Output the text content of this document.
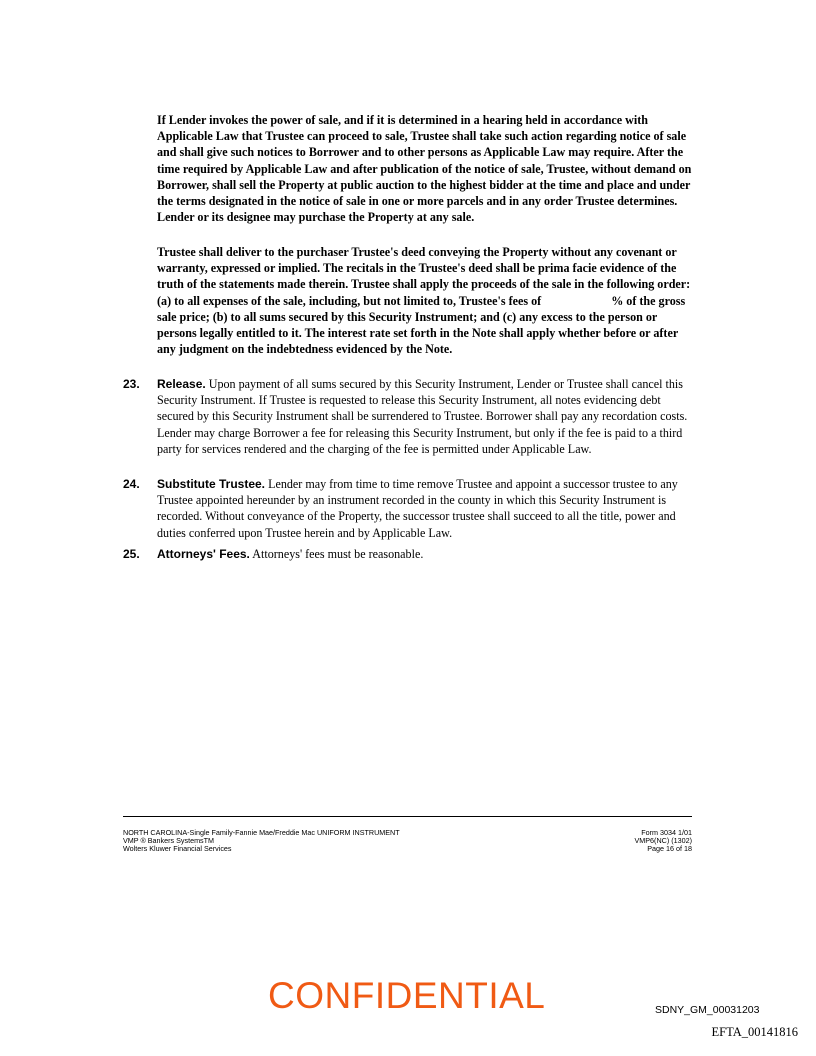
If Lender invokes the power of sale, and if it is determined in a hearing held in accordance with Applicable Law that Trustee can proceed to sale, Trustee shall take such action regarding notice of sale and shall give such notices to Borrower and to other persons as Applicable Law may require. After the time required by Applicable Law and after publication of the notice of sale, Trustee, without demand on Borrower, shall sell the Property at public auction to the highest bidder at the time and place and under the terms designated in the notice of sale in one or more parcels and in any order Trustee determines. Lender or its designee may purchase the Property at any sale.
Trustee shall deliver to the purchaser Trustee's deed conveying the Property without any covenant or warranty, expressed or implied. The recitals in the Trustee's deed shall be prima facie evidence of the truth of the statements made therein. Trustee shall apply the proceeds of the sale in the following order: (a) to all expenses of the sale, including, but not limited to, Trustee's fees of	% of the gross sale price; (b) to all sums secured by this Security Instrument; and (c) any excess to the person or persons legally entitled to it. The interest rate set forth in the Note shall apply whether before or after any judgment on the indebtedness evidenced by the Note.
23. Release. Upon payment of all sums secured by this Security Instrument, Lender or Trustee shall cancel this Security Instrument. If Trustee is requested to release this Security Instrument, all notes evidencing debt secured by this Security Instrument shall be surrendered to Trustee. Borrower shall pay any recordation costs. Lender may charge Borrower a fee for releasing this Security Instrument, but only if the fee is paid to a third party for services rendered and the charging of the fee is permitted under Applicable Law.
24. Substitute Trustee. Lender may from time to time remove Trustee and appoint a successor trustee to any Trustee appointed hereunder by an instrument recorded in the county in which this Security Instrument is recorded. Without conveyance of the Property, the successor trustee shall succeed to all the title, power and duties conferred upon Trustee herein and by Applicable Law.
25. Attorneys' Fees. Attorneys' fees must be reasonable.
NORTH CAROLINA-Single Family-Fannie Mae/Freddie Mac UNIFORM INSTRUMENT
VMP ® Bankers SystemsTM
Wolters Kluwer Financial Services
Form 3034 1/01
VMP6(NC) (1302)
Page 16 of 18
CONFIDENTIAL	SDNY_GM_00031203
EFTA_00141816
